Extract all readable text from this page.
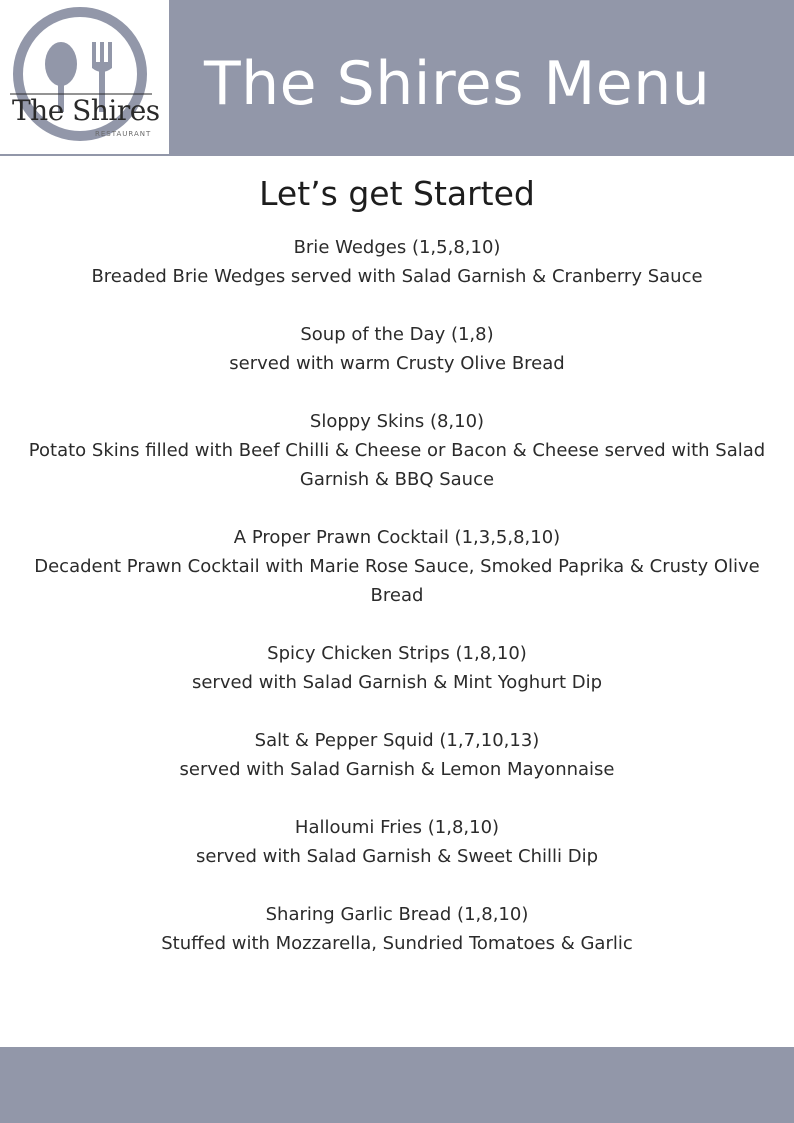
The Shires
RESTAURANT
The Shires Menu
Let’s get Started
Brie Wedges (1,5,8,10)
Breaded Brie Wedges served with Salad Garnish & Cranberry Sauce
Soup of the Day (1,8)
served with warm Crusty Olive Bread
Sloppy Skins (8,10)
Potato Skins filled with Beef Chilli & Cheese or Bacon & Cheese served with Salad Garnish & BBQ Sauce
A Proper Prawn Cocktail (1,3,5,8,10)
Decadent Prawn Cocktail with Marie Rose Sauce, Smoked Paprika & Crusty Olive Bread
Spicy Chicken Strips (1,8,10)
served with Salad Garnish & Mint Yoghurt Dip
Salt & Pepper Squid (1,7,10,13)
served with Salad Garnish & Lemon Mayonnaise
Halloumi Fries (1,8,10)
served with Salad Garnish & Sweet Chilli Dip
Sharing Garlic Bread (1,8,10)
Stuffed with Mozzarella, Sundried Tomatoes & Garlic
